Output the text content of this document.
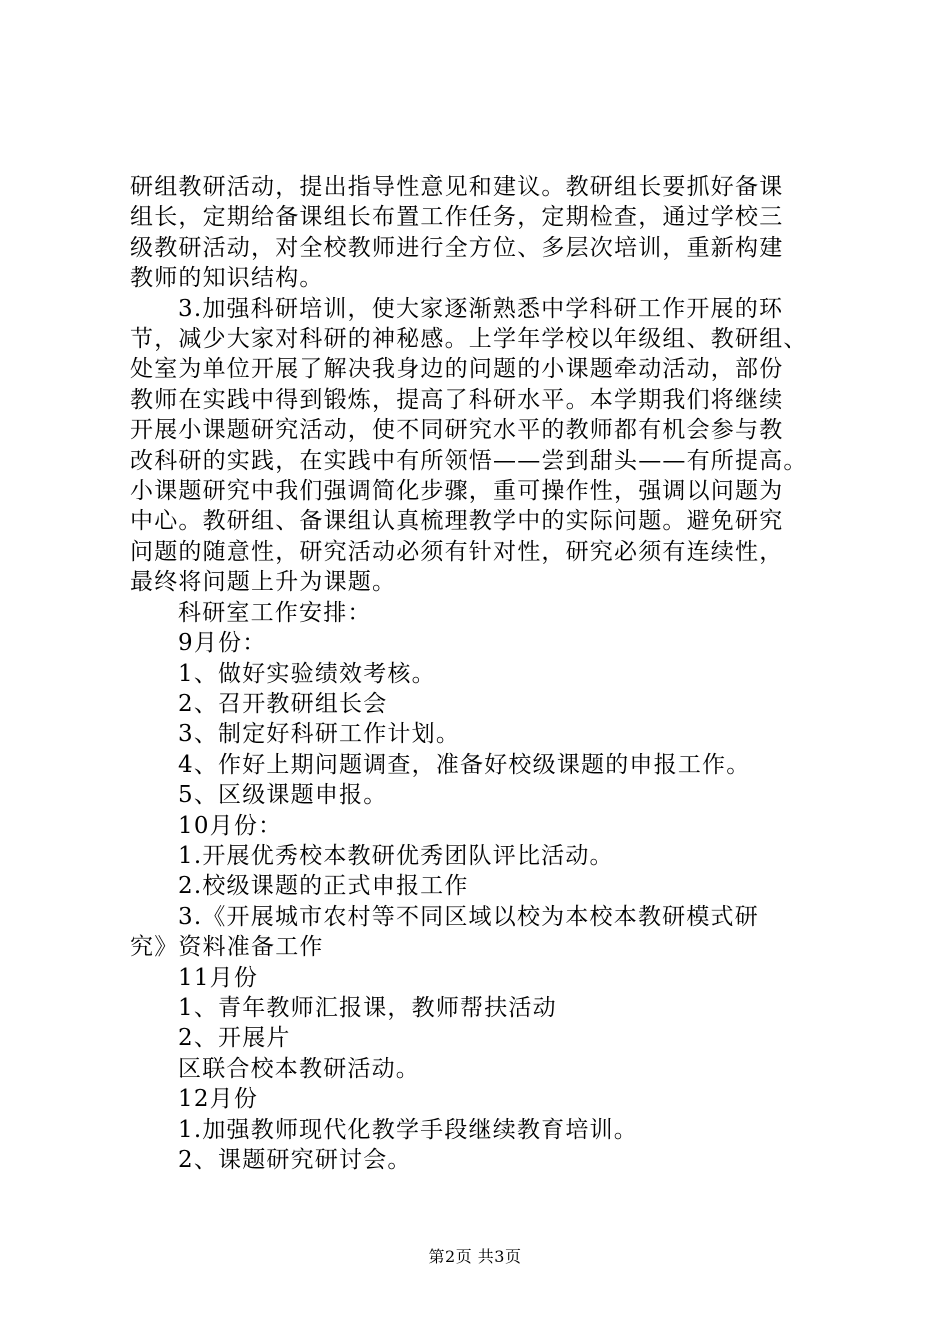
研组教研活动，提出指导性意见和建议。教研组长要抓好备课

组长，定期给备课组长布置工作任务，定期检查，通过学校三

级教研活动，对全校教师进行全方位、多层次培训，重新构建

教师的知识结构。

3.加强科研培训，使大家逐渐熟悉中学科研工作开展的环

节，减少大家对科研的神秘感。上学年学校以年级组、教研组、

处室为单位开展了解决我身边的问题的小课题牵动活动，部份

教师在实践中得到锻炼，提高了科研水平。本学期我们将继续

开展小课题研究活动，使不同研究水平的教师都有机会参与教

改科研的实践，在实践中有所领悟——尝到甜头——有所提高。

小课题研究中我们强调简化步骤，重可操作性，强调以问题为

中心。教研组、备课组认真梳理教学中的实际问题。避免研究

问题的随意性，研究活动必须有针对性，研究必须有连续性，

最终将问题上升为课题。

科研室工作安排：

9月份：

1、做好实验绩效考核。

2、召开教研组长会

3、制定好科研工作计划。

4、作好上期问题调查，准备好校级课题的申报工作。

5、区级课题申报。

10月份：

1.开展优秀校本教研优秀团队评比活动。

2.校级课题的正式申报工作

3.《开展城市农村等不同区域以校为本校本教研模式研

究》资料准备工作

11月份

1、青年教师汇报课，教师帮扶活动

2、开展片

区联合校本教研活动。

12月份

1.加强教师现代化教学手段继续教育培训。

2、课题研究研讨会。

第2页 共3页
